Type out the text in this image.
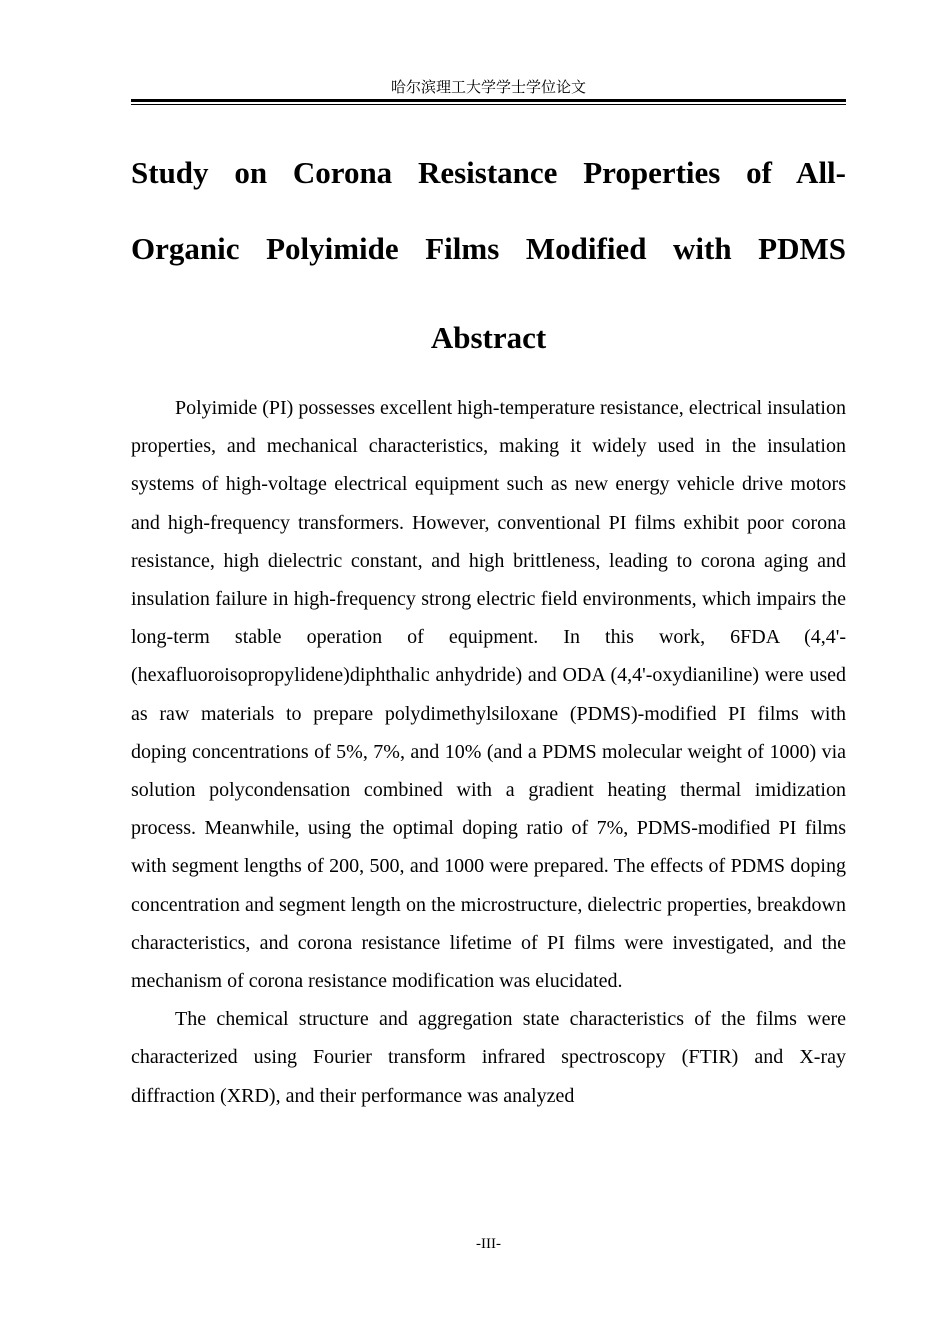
哈尔滨理工大学学士学位论文
Study on Corona Resistance Properties of All-
Organic Polyimide Films Modified with PDMS
Abstract

Polyimide (PI) possesses excellent high-temperature resistance, electrical insulation properties, and mechanical characteristics, making it widely used in the insulation systems of high-voltage electrical equipment such as new energy vehicle drive motors and high-frequency transformers. However, conventional PI films exhibit poor corona resistance, high dielectric constant, and high brittleness, leading to corona aging and insulation failure in high-frequency strong electric field environments, which impairs the long-term stable operation of equipment. In this work, 6FDA (4,4'-(hexafluoroisopropylidene)diphthalic anhydride) and ODA (4,4'-oxydianiline) were used as raw materials to prepare polydimethylsiloxane (PDMS)-modified PI films with doping concentrations of 5%, 7%, and 10% (and a PDMS molecular weight of 1000) via solution polycondensation combined with a gradient heating thermal imidization process. Meanwhile, using the optimal doping ratio of 7%, PDMS-modified PI films with segment lengths of 200, 500, and 1000 were prepared. The effects of PDMS doping concentration and segment length on the microstructure, dielectric properties, breakdown characteristics, and corona resistance lifetime of PI films were investigated, and the mechanism of corona resistance modification was elucidated.

The chemical structure and aggregation state characteristics of the films were characterized using Fourier transform infrared spectroscopy (FTIR) and X-ray diffraction (XRD), and their performance was analyzed

-III-
